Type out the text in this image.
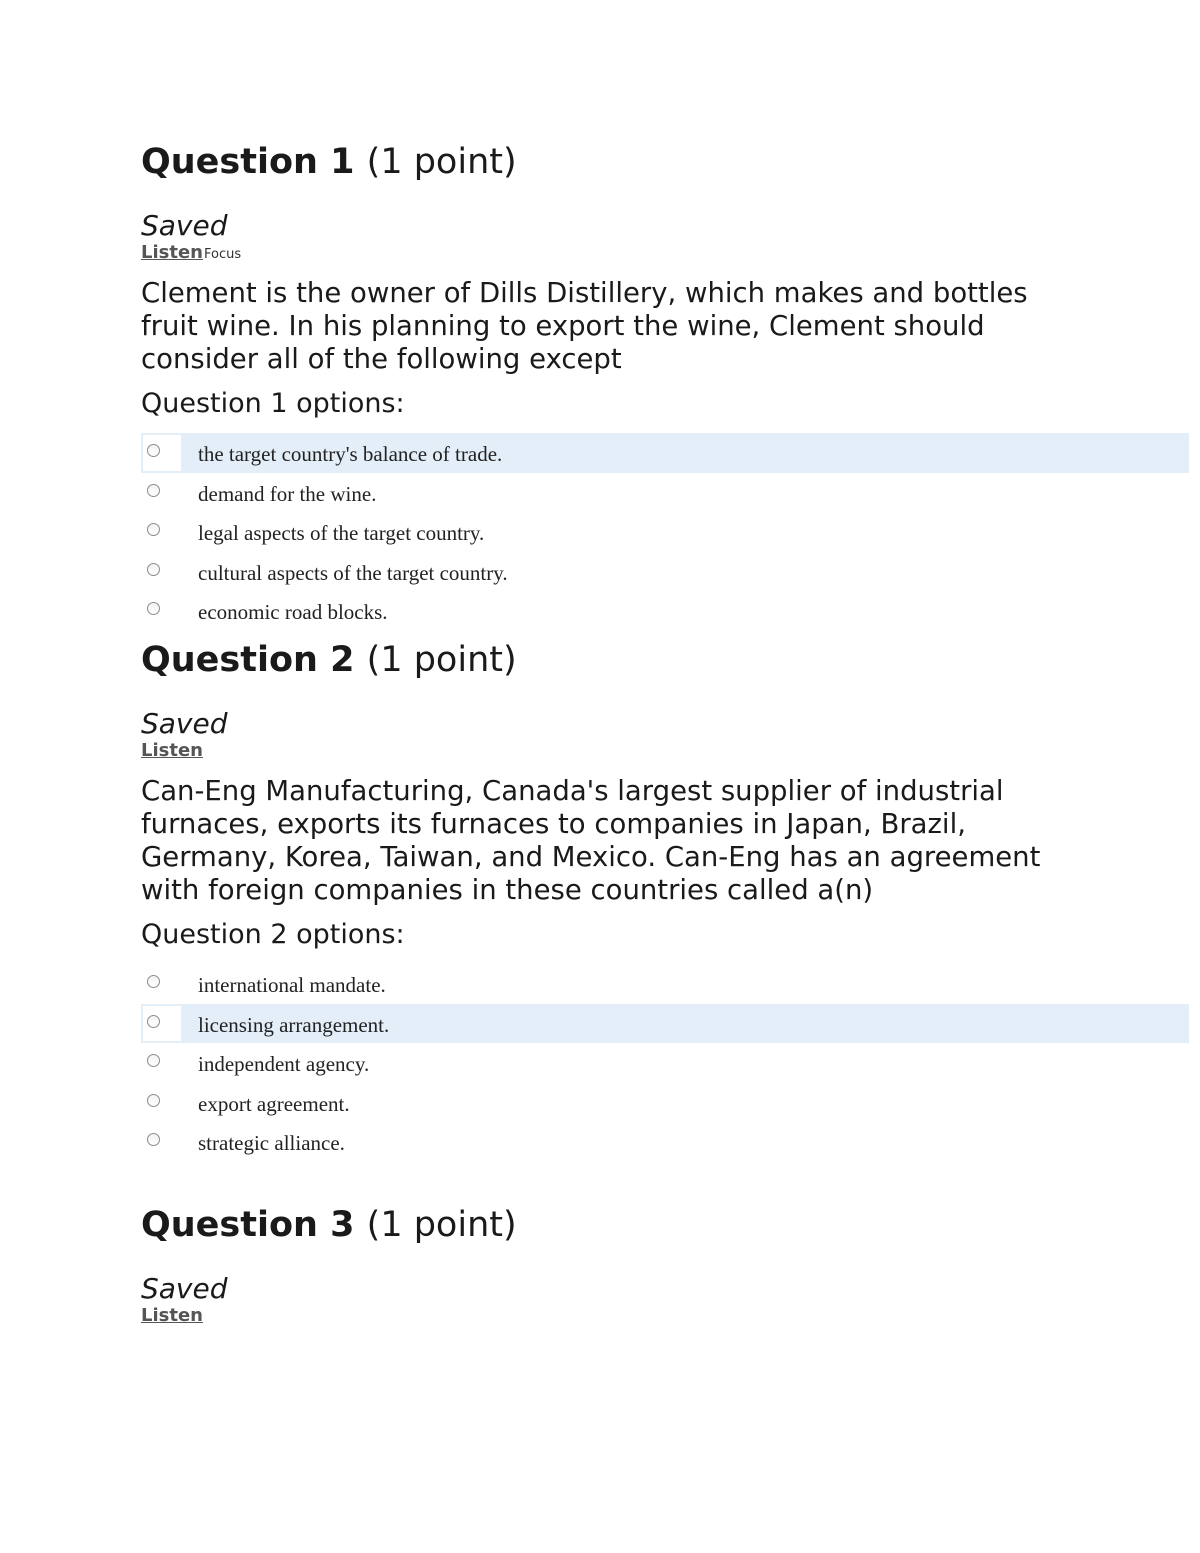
Question 1 (1 point)
Saved
ListenFocus
Clement is the owner of Dills Distillery, which makes and bottles fruit wine. In his planning to export the wine, Clement should consider all of the following except
Question 1 options:
the target country's balance of trade.
demand for the wine.
legal aspects of the target country.
cultural aspects of the target country.
economic road blocks.
Question 2 (1 point)
Saved
Listen
Can-Eng Manufacturing, Canada's largest supplier of industrial furnaces, exports its furnaces to companies in Japan, Brazil, Germany, Korea, Taiwan, and Mexico. Can-Eng has an agreement with foreign companies in these countries called a(n)
Question 2 options:
international mandate.
licensing arrangement.
independent agency.
export agreement.
strategic alliance.
Question 3 (1 point)
Saved
Listen
